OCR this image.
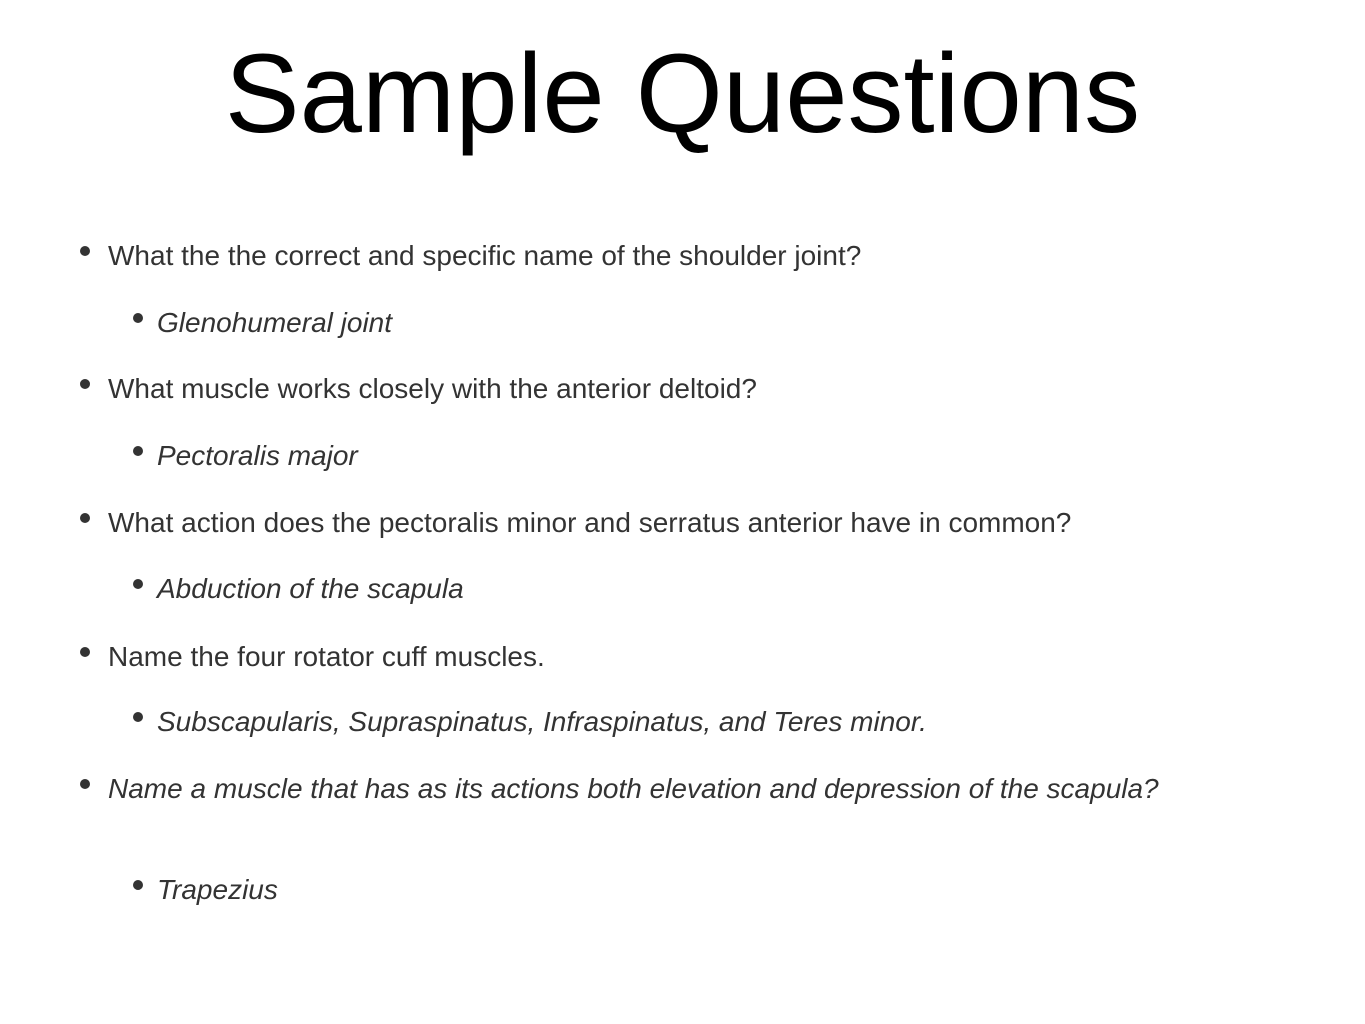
Sample Questions
What the the correct and specific name of the shoulder joint?
Glenohumeral joint
What muscle works closely with the anterior deltoid?
Pectoralis major
What action does the pectoralis minor and serratus anterior have in common?
Abduction of the scapula
Name the four rotator cuff muscles.
Subscapularis, Supraspinatus, Infraspinatus, and Teres minor.
Name a muscle that has as its actions both elevation and depression of the scapula?
Trapezius
